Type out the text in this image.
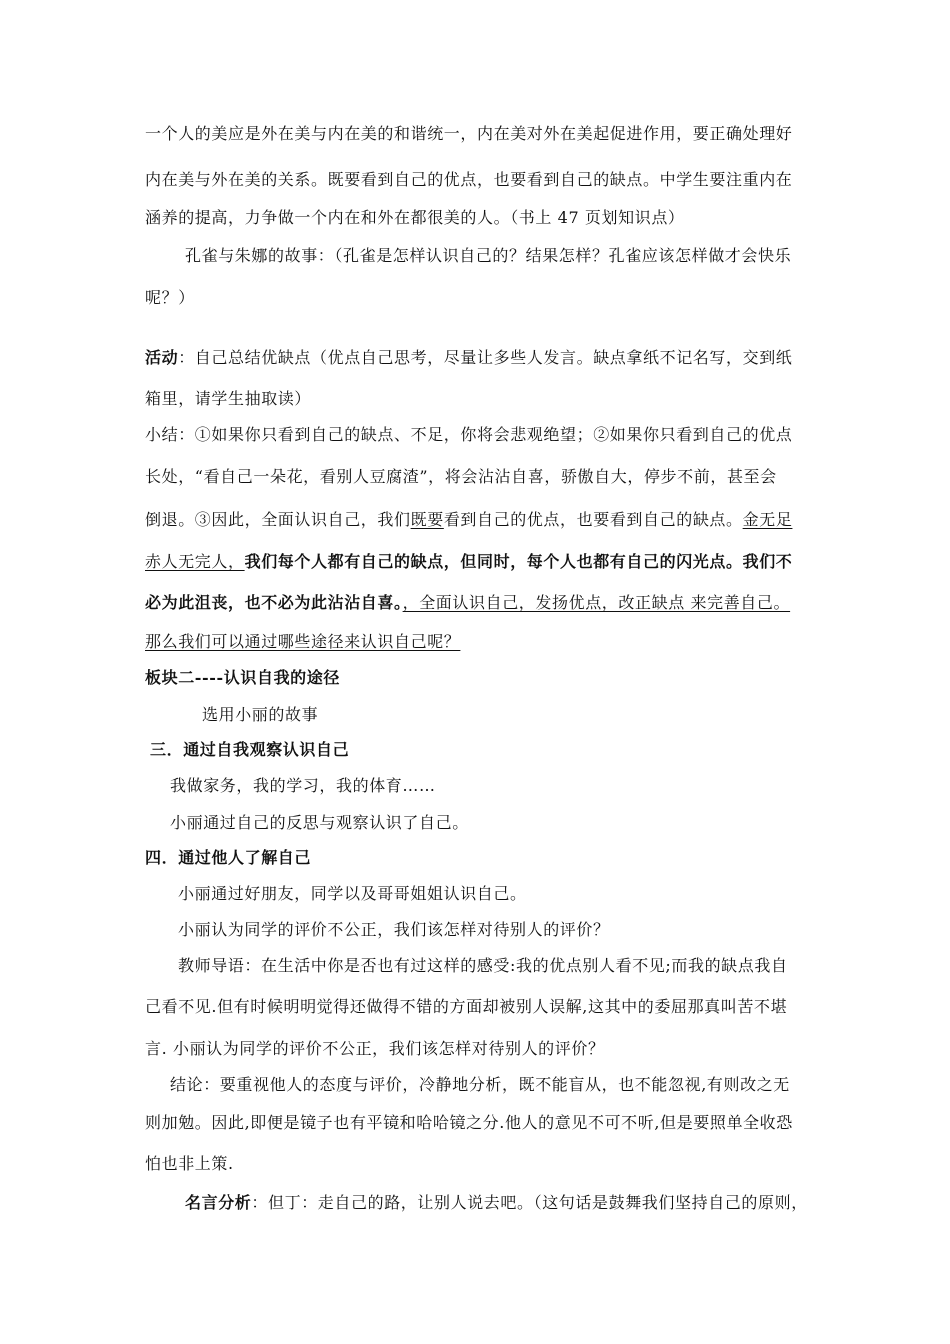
一个人的美应是外在美与内在美的和谐统一，内在美对外在美起促进作用，要正确处理好
内在美与外在美的关系。既要看到自己的优点，也要看到自己的缺点。中学生要注重内在
涵养的提高，力争做一个内在和外在都很美的人。（书上 47 页划知识点）
孔雀与朱娜的故事：（孔雀是怎样认识自己的？结果怎样？孔雀应该怎样做才会快乐
呢？）
活动：自己总结优缺点（优点自己思考，尽量让多些人发言。缺点拿纸不记名写，交到纸
箱里，请学生抽取读）
小结：①如果你只看到自己的缺点、不足，你将会悲观绝望；②如果你只看到自己的优点
长处，“看自己一朵花，看别人豆腐渣”，将会沾沾自喜，骄傲自大，停步不前，甚至会
倒退。③因此，全面认识自己，我们既要看到自己的优点，也要看到自己的缺点。金无足
赤人无完人，我们每个人都有自己的缺点，但同时，每个人也都有自己的闪光点。我们不
必为此沮丧，也不必为此沾沾自喜。，全面认识自己，发扬优点，改正缺点 来完善自己。
那么我们可以通过哪些途径来认识自己呢？
板块二----认识自我的途径
选用小丽的故事
三．通过自我观察认识自己
我做家务，我的学习，我的体育……
小丽通过自己的反思与观察认识了自己。
四．通过他人了解自己
小丽通过好朋友，同学以及哥哥姐姐认识自己。
小丽认为同学的评价不公正，我们该怎样对待别人的评价？
教师导语：在生活中你是否也有过这样的感受:我的优点别人看不见;而我的缺点我自
己看不见.但有时候明明觉得还做得不错的方面却被别人误解,这其中的委屈那真叫苦不堪
言. 小丽认为同学的评价不公正，我们该怎样对待别人的评价？
结论：要重视他人的态度与评价，冷静地分析，既不能盲从，也不能忽视,有则改之无
则加勉。因此,即便是镜子也有平镜和哈哈镜之分.他人的意见不可不听,但是要照单全收恐
怕也非上策.
名言分析：但丁：走自己的路，让别人说去吧。（这句话是鼓舞我们坚持自己的原则，
